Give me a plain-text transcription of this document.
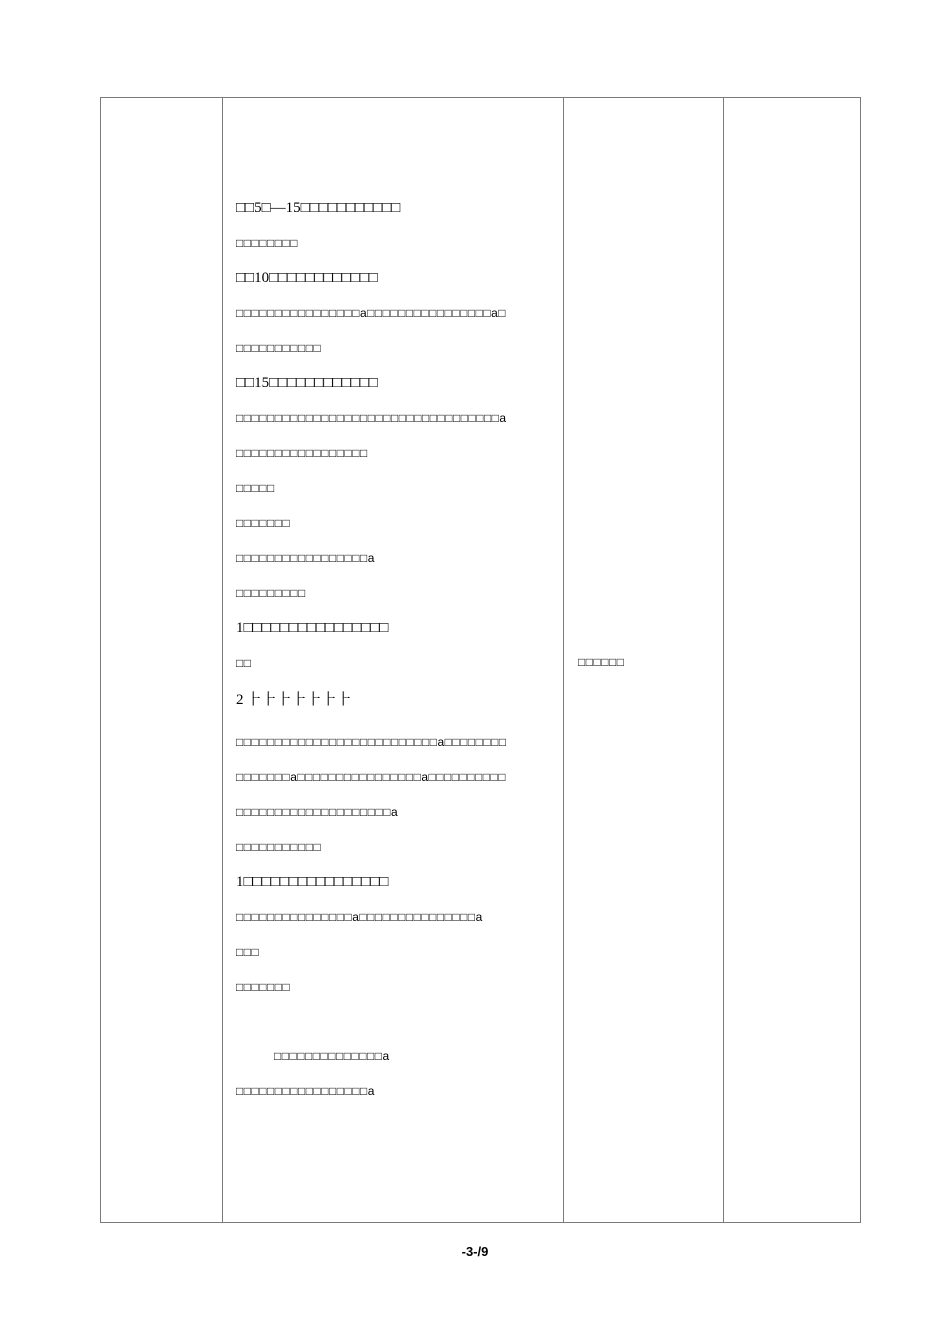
□□5□—15□□□□□□□□□□□
□□□□□□□□
□□10□□□□□□□□□□□□
□□□□□□□□□□□□□□□□a□□□□□□□□□□□□□□□□a□
□□□□□□□□□□□
□□15□□□□□□□□□□□□
□□□□□□□□□□□□□□□□□□□□□□□□□□□□□□□□□□a
□□□□□□□□□□□□□□□□□
□□□□□
□□□□□□□
□□□□□□□□□□□□□□□□□a
□□□□□□□□□
1□□□□□□□□□□□□□□□□
□□
2 ⺊⺊⺊⺊⺊⺊⺊
□□□□□□□□□□□□□□□□□□□□□□□□□□a□□□□□□□□
□□□□□□□a□□□□□□□□□□□□□□□□a□□□□□□□□□□
□□□□□□□□□□□□□□□□□□□□a
□□□□□□□□□□□
1□□□□□□□□□□□□□□□□
□□□□□□□□□□□□□□□a□□□□□□□□□□□□□□□a
□□□
□□□□□□□
□□□□□□□□□□□□□□a
□□□□□□□□□□□□□□□□□a
□□□□□□
-3-/9
